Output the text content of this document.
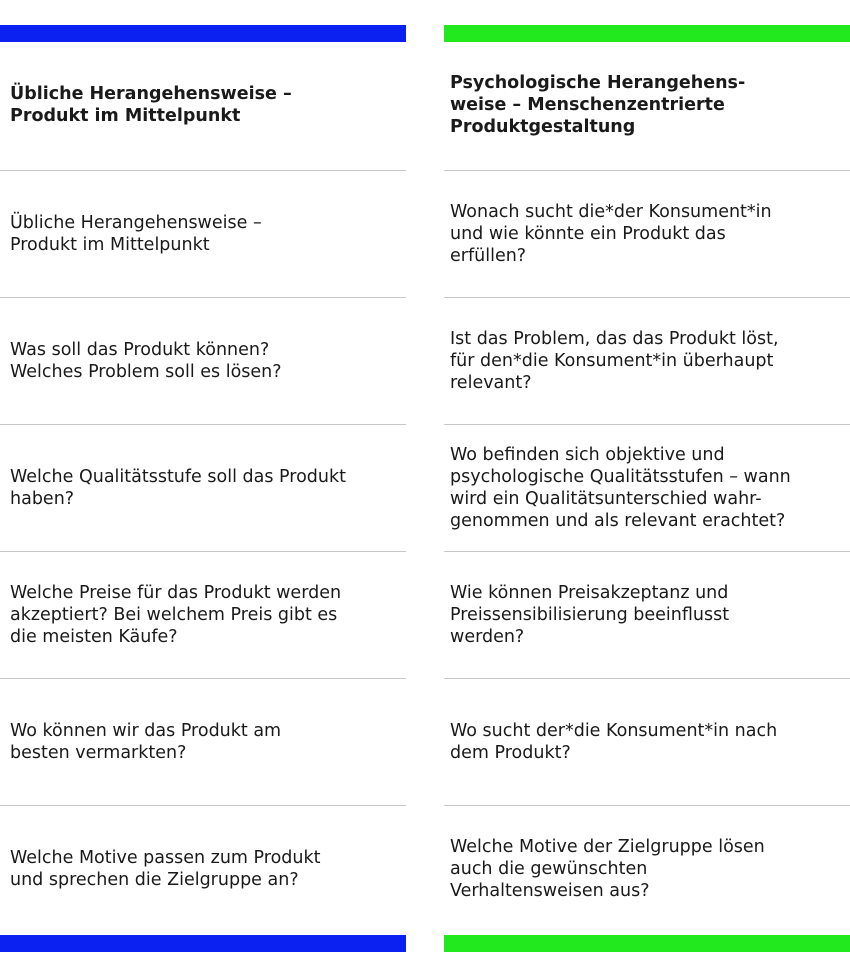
Übliche Herangehensweise –
Produkt im Mittelpunkt
Übliche Herangehensweise –
Produkt im Mittelpunkt
Was soll das Produkt können?
Welches Problem soll es lösen?
Welche Qualitätsstufe soll das Produkt
haben?
Welche Preise für das Produkt werden
akzeptiert? Bei welchem Preis gibt es
die meisten Käufe?
Wo können wir das Produkt am
besten vermarkten?
Welche Motive passen zum Produkt
und sprechen die Zielgruppe an?
Psychologische Herangehens-
weise – Menschenzentrierte
Produktgestaltung
Wonach sucht die*der Konsument*in
und wie könnte ein Produkt das
erfüllen?
Ist das Problem, das das Produkt löst,
für den*die Konsument*in überhaupt
relevant?
Wo befinden sich objektive und
psychologische Qualitätsstufen – wann
wird ein Qualitätsunterschied wahr-
genommen und als relevant erachtet?
Wie können Preisakzeptanz und
Preissensibilisierung beeinflusst
werden?
Wo sucht der*die Konsument*in nach
dem Produkt?
Welche Motive der Zielgruppe lösen
auch die gewünschten
Verhaltensweisen aus?
